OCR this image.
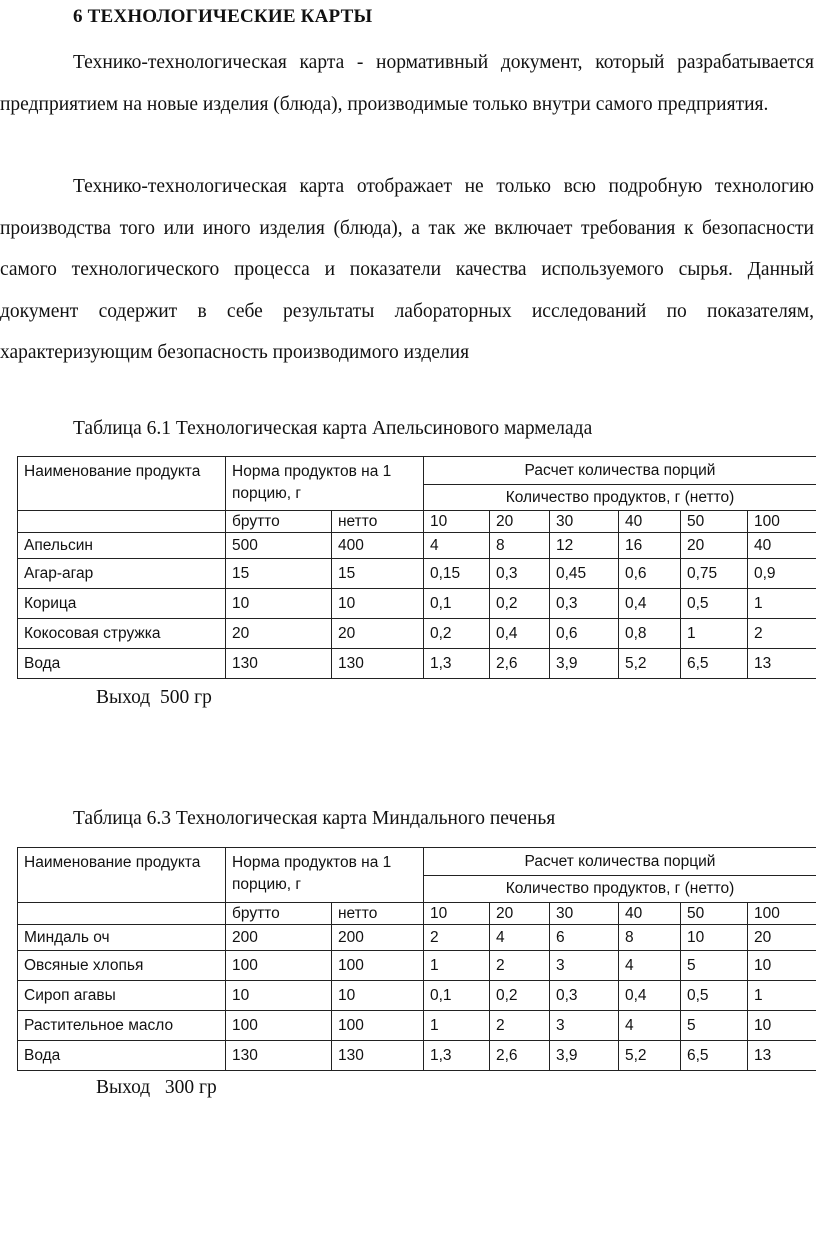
6 ТЕХНОЛОГИЧЕСКИЕ КАРТЫ

Технико-технологическая карта - нормативный документ, который разрабатывается предприятием на новые изделия (блюда), производимые только внутри самого предприятия.

Технико-технологическая карта отображает не только всю подробную технологию производства того или иного изделия (блюда), а так же включает требования к безопасности самого технологического процесса и показатели качества используемого сырья. Данный документ содержит в себе результаты лабораторных исследований по показателям, характеризующим безопасность производимого изделия

Таблица 6.1 Технологическая карта Апельсинового мармелада
Наименование продукта	Норма продуктов на 1 порцию, г		Расчет количества порций					
			Количество продуктов, г (нетто)					
	брутто	нетто	10	20	30	40	50	100
Апельсин	500	400	4	8	12	16	20	40
Агар-агар	15	15	0,15	0,3	0,45	0,6	0,75	0,9
Корица	10	10	0,1	0,2	0,3	0,4	0,5	1
Кокосовая стружка	20	20	0,2	0,4	0,6	0,8	1	2
Вода	130	130	1,3	2,6	3,9	5,2	6,5	13
Выход  500 гр
Таблица 6.3 Технологическая карта Миндального печенья
Наименование продукта	Норма продуктов на 1 порцию, г		Расчет количества порций					
			Количество продуктов, г (нетто)					
	брутто	нетто	10	20	30	40	50	100
Миндаль оч	200	200	2	4	6	8	10	20
Овсяные хлопья	100	100	1	2	3	4	5	10
Сироп агавы	10	10	0,1	0,2	0,3	0,4	0,5	1
Растительное масло	100	100	1	2	3	4	5	10
Вода	130	130	1,3	2,6	3,9	5,2	6,5	13
Выход   300 гр
